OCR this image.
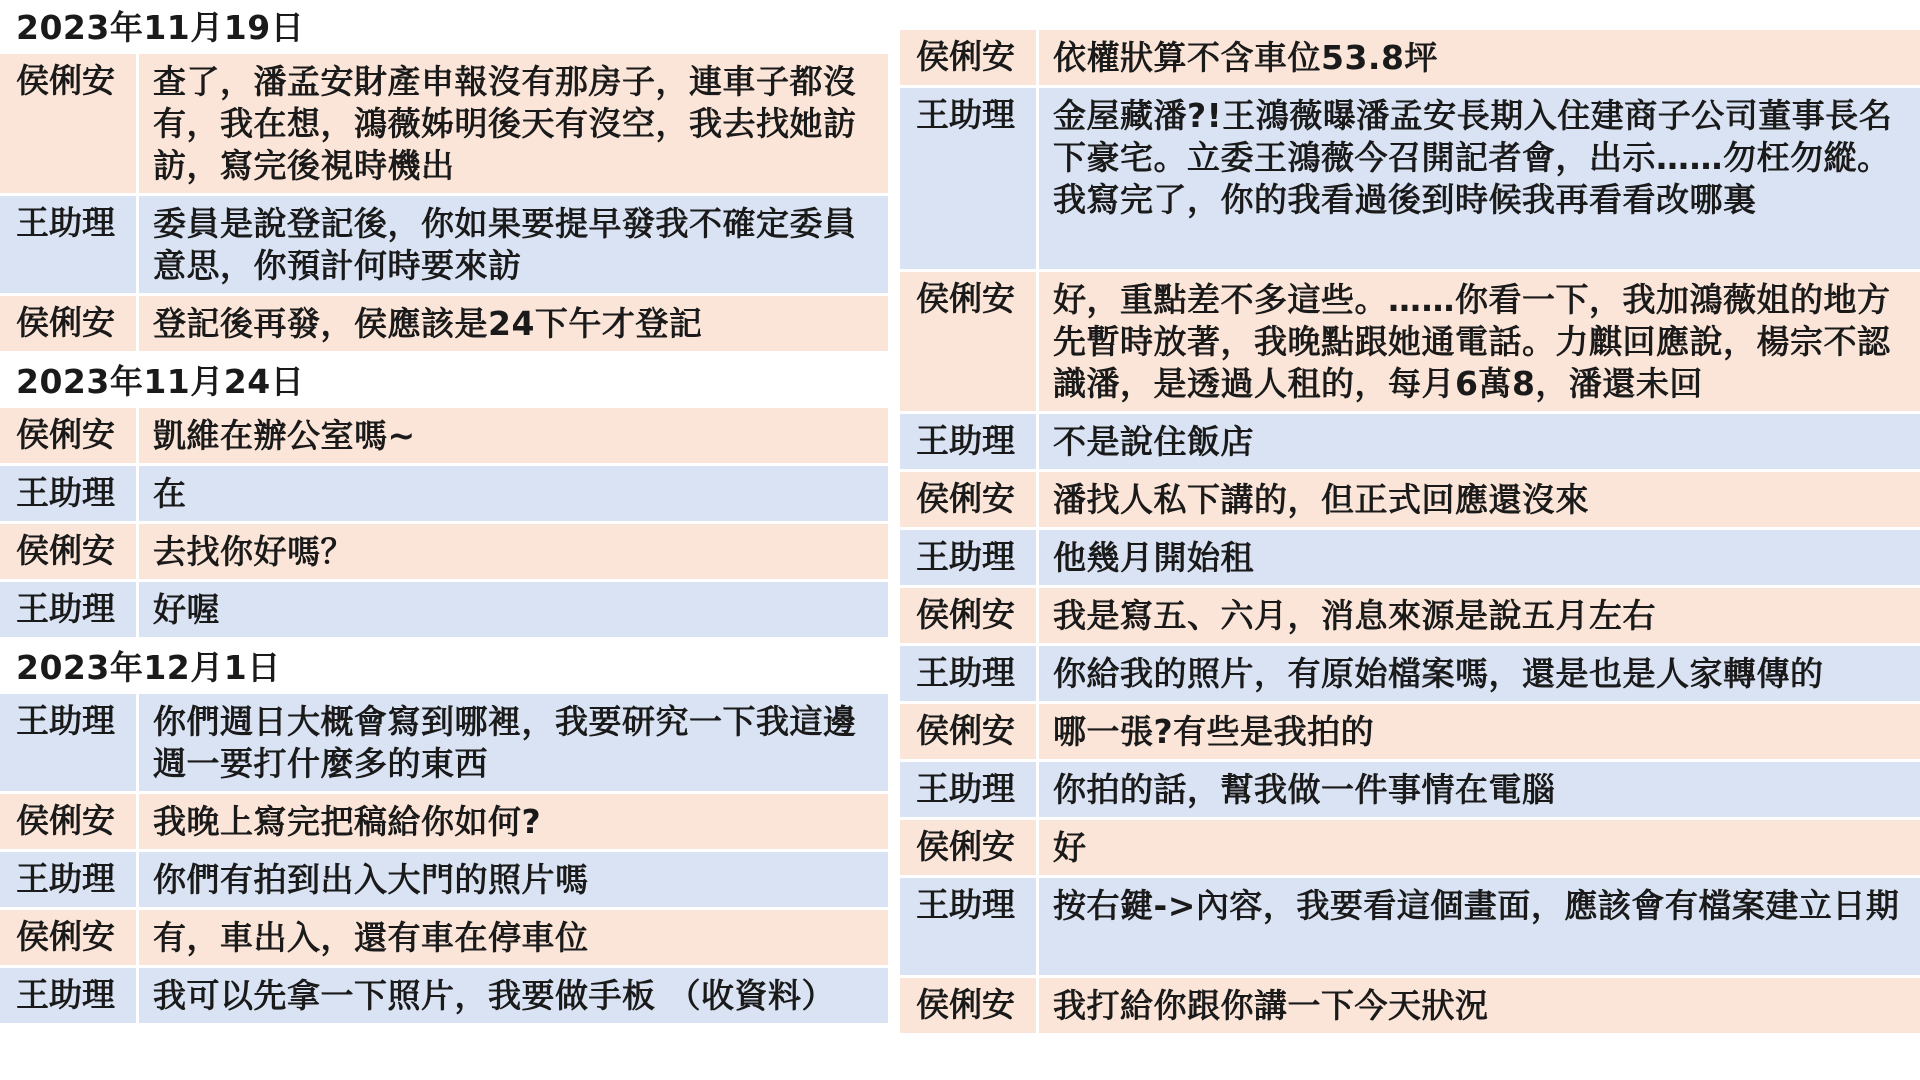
2023年11月19日
侯俐安	查了，潘孟安財產申報沒有那房子，連車子都沒有，我在想，鴻薇姊明後天有沒空，我去找她訪訪，寫完後視時機出
王助理	委員是說登記後，你如果要提早發我不確定委員意思，你預計何時要來訪
侯俐安	登記後再發，侯應該是24下午才登記
2023年11月24日
侯俐安	凱維在辦公室嗎~
王助理	在
侯俐安	去找你好嗎？
王助理	好喔
2023年12月1日
王助理	你們週日大概會寫到哪裡，我要研究一下我這邊週一要打什麼多的東西
侯俐安	我晚上寫完把稿給你如何?
王助理	你們有拍到出入大門的照片嗎
侯俐安	有，車出入，還有車在停車位
王助理	我可以先拿一下照片，我要做手板 （收資料）
侯俐安	依權狀算不含車位53.8坪
王助理	金屋藏潘?!王鴻薇曝潘孟安長期入住建商子公司董事長名下豪宅。立委王鴻薇今召開記者會，出示……勿枉勿縱。我寫完了，你的我看過後到時候我再看看改哪裏
侯俐安	好，重點差不多這些。……你看一下，我加鴻薇姐的地方先暫時放著，我晚點跟她通電話。力麒回應說，楊宗不認識潘，是透過人租的，每月6萬8，潘還未回
王助理	不是說住飯店
侯俐安	潘找人私下講的，但正式回應還沒來
王助理	他幾月開始租
侯俐安	我是寫五、六月，消息來源是說五月左右
王助理	你給我的照片，有原始檔案嗎，還是也是人家轉傳的
侯俐安	哪一張?有些是我拍的
王助理	你拍的話，幫我做一件事情在電腦
侯俐安	好
王助理	按右鍵->內容，我要看這個畫面，應該會有檔案建立日期
侯俐安	我打給你跟你講一下今天狀況
